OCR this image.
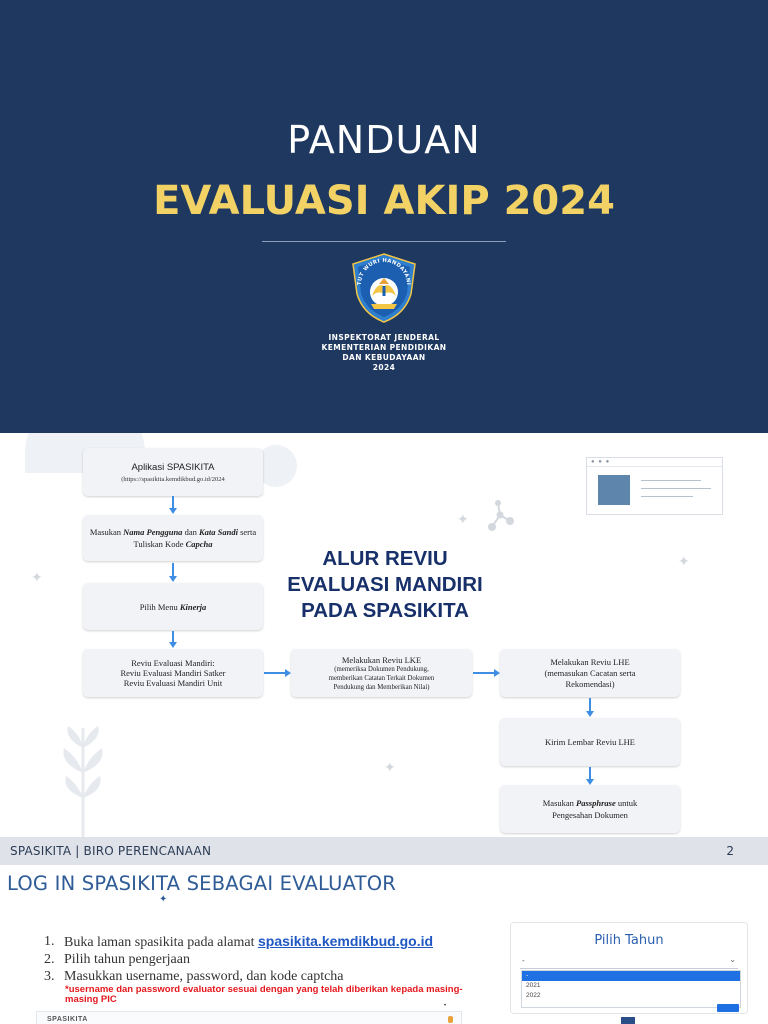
PANDUAN
EVALUASI AKIP 2024
TUT WURI HANDAYANI
INSPEKTORAT JENDERAL
KEMENTERIAN PENDIDIKAN
DAN KEBUDAYAAN
2024
✦
✦
✦
✦
● ● ●
Aplikasi SPASIKITA
(https://spasikita.kemdikbud.go.id/2024
Masukan Nama Pengguna dan Kata Sandi serta Tuliskan Kode Capcha
Pilih Menu Kinerja
Reviu Evaluasi Mandiri:
Reviu Evaluasi Mandiri Satker
Reviu Evaluasi Mandiri Unit
Melakukan Reviu LKE
(memeriksa Dokumen Pendukung,
memberikan Catatan Terkait Dokumen
Pendukung dan Memberikan Nilai)
Melakukan Reviu LHE
(memasukan Cacatan serta
Rekomendasi)
Kirim Lembar Reviu LHE
Masukan Passphrase untuk
Pengesahan Dokumen
ALUR REVIU
EVALUASI MANDIRI
PADA SPASIKITA
SPASIKITA | BIRO PERENCANAAN	2
LOG IN SPASIKITA SEBAGAI EVALUATOR
✦
1. Buka laman spasikita pada alamat spasikita.kemdikbud.go.id
2. Pilih tahun pengerjaan
3. Masukkan username, password, dan kode captcha
*username dan password evaluator sesuai dengan yang telah diberikan kepada masing-masing PIC
SPASIKITA
•
Pilih Tahun
-	⌄
-
2021
2022
